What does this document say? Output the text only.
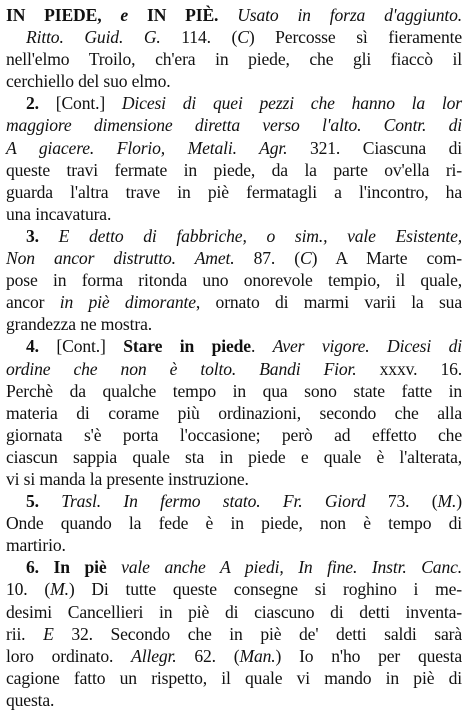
IN PIEDE, e IN PIÈ. Usato in forza d'aggiunto.
Ritto. Guid. G. 114. (C) Percosse sì fieramente
nell'elmo Troilo, ch'era in piede, che gli fiaccò il
cerchiello del suo elmo.
2. [Cont.] Dicesi di quei pezzi che hanno la lor
maggiore dimensione diretta verso l'alto. Contr. di
A giacere. Florio, Metali. Agr. 321. Ciascuna di
queste travi fermate in piede, da la parte ov'ella ri-
guarda l'altra trave in piè fermatagli a l'incontro, ha
una incavatura.
3. E detto di fabbriche, o sim., vale Esistente,
Non ancor distrutto. Amet. 87. (C) A Marte com-
pose in forma ritonda uno onorevole tempio, il quale,
ancor in piè dimorante, ornato di marmi varii la sua
grandezza ne mostra.
4. [Cont.] Stare in piede. Aver vigore. Dicesi di
ordine che non è tolto. Bandi Fior. xxxv. 16.
Perchè da qualche tempo in qua sono state fatte in
materia di corame più ordinazioni, secondo che alla
giornata s'è porta l'occasione; però ad effetto che
ciascun sappia quale sta in piede e quale è l'alterata,
vi si manda la presente instruzione.
5. Trasl. In fermo stato. Fr. Giord 73. (M.)
Onde quando la fede è in piede, non è tempo di
martirio.
6. In piè vale anche A piedi, In fine. Instr. Canc.
10. (M.) Di tutte queste consegne si roghino i me-
desimi Cancellieri in piè di ciascuno di detti inventa-
rii. E 32. Secondo che in piè de' detti saldi sarà
loro ordinato. Allegr. 62. (Man.) Io n'ho per questa
cagione fatto un rispetto, il quale vi mando in piè di
questa.
